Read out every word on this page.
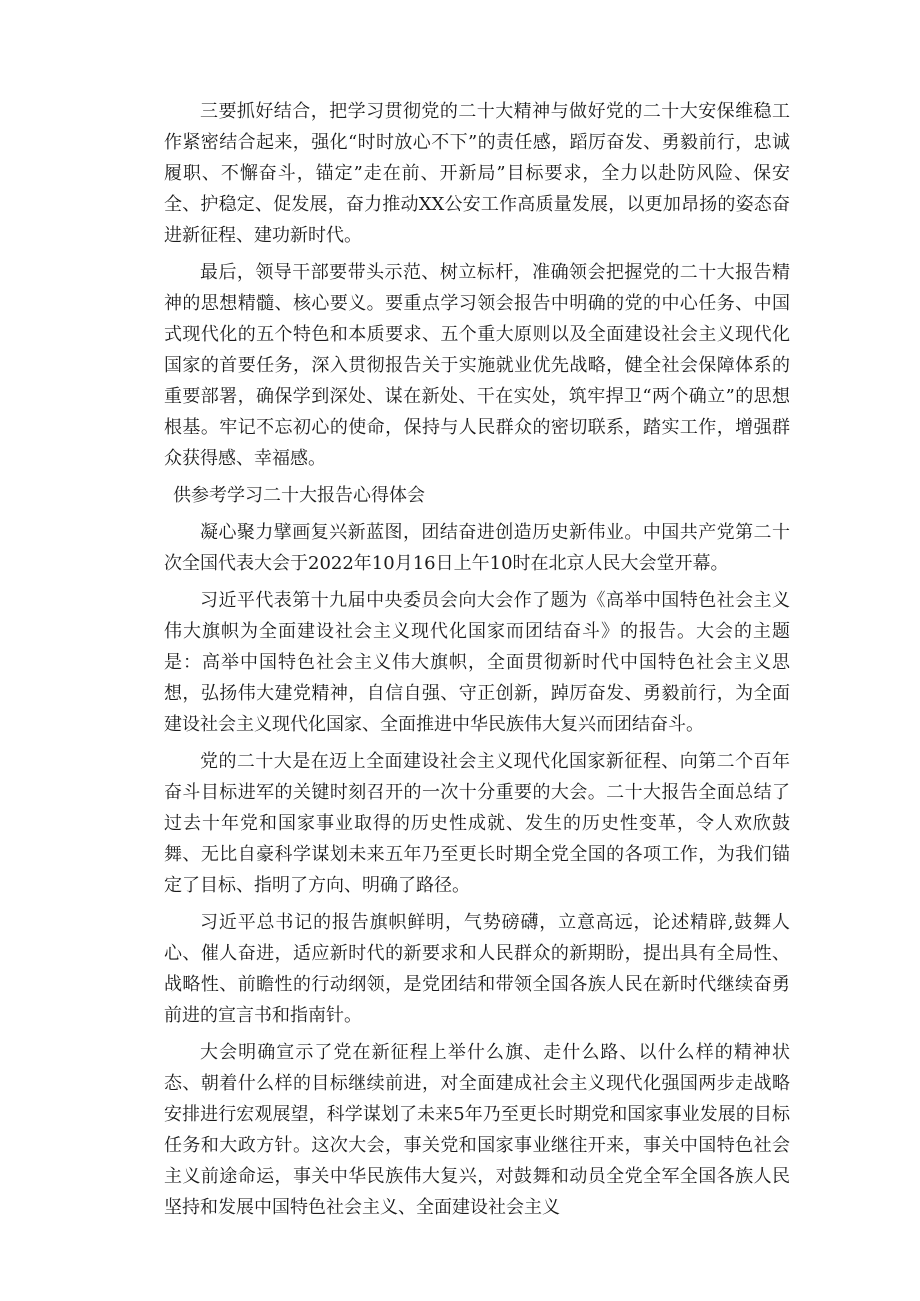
三要抓好结合，把学习贯彻党的二十大精神与做好党的二十大安保维稳工作紧密结合起来，强化“时时放心不下”的责任感，蹈厉奋发、勇毅前行，忠诚履职、不懈奋斗，锚定”走在前、开新局”目标要求，全力以赴防风险、保安全、护稳定、促发展，奋力推动XX公安工作高质量发展，以更加昂扬的姿态奋进新征程、建功新时代。

最后，领导干部要带头示范、树立标杆，准确领会把握党的二十大报告精神的思想精髓、核心要义。要重点学习领会报告中明确的党的中心任务、中国式现代化的五个特色和本质要求、五个重大原则以及全面建设社会主义现代化国家的首要任务，深入贯彻报告关于实施就业优先战略，健全社会保障体系的重要部署，确保学到深处、谋在新处、干在实处，筑牢捍卫“两个确立”的思想根基。牢记不忘初心的使命，保持与人民群众的密切联系，踏实工作，增强群众获得感、幸福感。

供参考学习二十大报告心得体会

凝心聚力擘画复兴新蓝图，团结奋进创造历史新伟业。中国共产党第二十次全国代表大会于2022年10月16日上午10时在北京人民大会堂开幕。

习近平代表第十九届中央委员会向大会作了题为《高举中国特色社会主义伟大旗帜为全面建设社会主义现代化国家而团结奋斗》的报告。大会的主题是：高举中国特色社会主义伟大旗帜，全面贯彻新时代中国特色社会主义思想，弘扬伟大建党精神，自信自强、守正创新，踔厉奋发、勇毅前行，为全面建设社会主义现代化国家、全面推进中华民族伟大复兴而团结奋斗。

党的二十大是在迈上全面建设社会主义现代化国家新征程、向第二个百年奋斗目标进军的关键时刻召开的一次十分重要的大会。二十大报告全面总结了过去十年党和国家事业取得的历史性成就、发生的历史性变革，令人欢欣鼓舞、无比自豪科学谋划未来五年乃至更长时期全党全国的各项工作，为我们锚定了目标、指明了方向、明确了路径。

习近平总书记的报告旗帜鲜明，气势磅礴，立意高远，论述精辟,鼓舞人心、催人奋进，适应新时代的新要求和人民群众的新期盼，提出具有全局性、战略性、前瞻性的行动纲领，是党团结和带领全国各族人民在新时代继续奋勇前进的宣言书和指南针。

大会明确宣示了党在新征程上举什么旗、走什么路、以什么样的精神状态、朝着什么样的目标继续前进，对全面建成社会主义现代化强国两步走战略安排进行宏观展望，科学谋划了未来5年乃至更长时期党和国家事业发展的目标任务和大政方针。这次大会，事关党和国家事业继往开来，事关中国特色社会主义前途命运，事关中华民族伟大复兴，对鼓舞和动员全党全军全国各族人民坚持和发展中国特色社会主义、全面建设社会主义
